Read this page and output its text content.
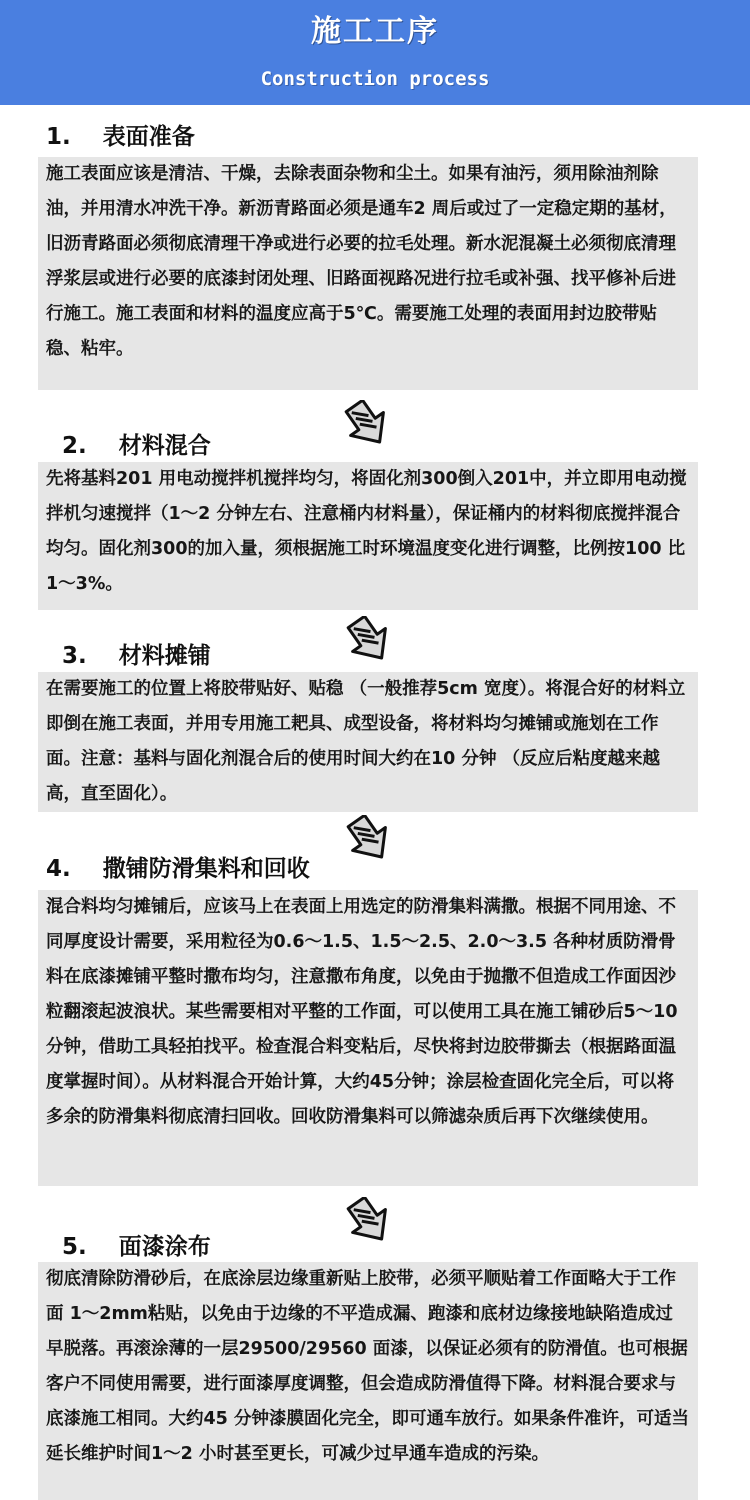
施工工序
Construction process
1. 表面准备
施工表面应该是清洁、干燥，去除表面杂物和尘土。如果有油污，须用除油剂除油，并用清水冲洗干净。新沥青路面必须是通车2 周后或过了一定稳定期的基材，旧沥青路面必须彻底清理干净或进行必要的拉毛处理。新水泥混凝土必须彻底清理浮浆层或进行必要的底漆封闭处理、旧路面视路况进行拉毛或补强、找平修补后进行施工。施工表面和材料的温度应高于5℃。需要施工处理的表面用封边胶带贴稳、粘牢。
2. 材料混合
先将基料201 用电动搅拌机搅拌均匀，将固化剂300倒入201中，并立即用电动搅拌机匀速搅拌（1～2 分钟左右、注意桶内材料量），保证桶内的材料彻底搅拌混合均匀。固化剂300的加入量，须根据施工时环境温度变化进行调整，比例按100 比1～3%。
3. 材料摊铺
在需要施工的位置上将胶带贴好、贴稳 （一般推荐5cm 宽度）。将混合好的材料立即倒在施工表面，并用专用施工耙具、成型设备，将材料均匀摊铺或施划在工作面。注意：基料与固化剂混合后的使用时间大约在10 分钟 （反应后粘度越来越高，直至固化）。
4. 撒铺防滑集料和回收
混合料均匀摊铺后，应该马上在表面上用选定的防滑集料满撒。根据不同用途、不同厚度设计需要，采用粒径为0.6～1.5、1.5～2.5、2.0～3.5 各种材质防滑骨料在底漆摊铺平整时撒布均匀，注意撒布角度，以免由于抛撒不但造成工作面因沙粒翻滚起波浪状。某些需要相对平整的工作面，可以使用工具在施工铺砂后5～10 分钟，借助工具轻拍找平。检查混合料变粘后，尽快将封边胶带撕去（根据路面温度掌握时间）。从材料混合开始计算，大约45分钟；涂层检查固化完全后，可以将多余的防滑集料彻底清扫回收。回收防滑集料可以筛滤杂质后再下次继续使用。
5. 面漆涂布
彻底清除防滑砂后，在底涂层边缘重新贴上胶带，必须平顺贴着工作面略大于工作面 1～2mm粘贴，以免由于边缘的不平造成漏、跑漆和底材边缘接地缺陷造成过早脱落。再滚涂薄的一层29500/29560 面漆，以保证必须有的防滑值。也可根据客户不同使用需要，进行面漆厚度调整，但会造成防滑值得下降。材料混合要求与底漆施工相同。大约45 分钟漆膜固化完全，即可通车放行。如果条件准许，可适当延长维护时间1～2 小时甚至更长，可减少过早通车造成的污染。
